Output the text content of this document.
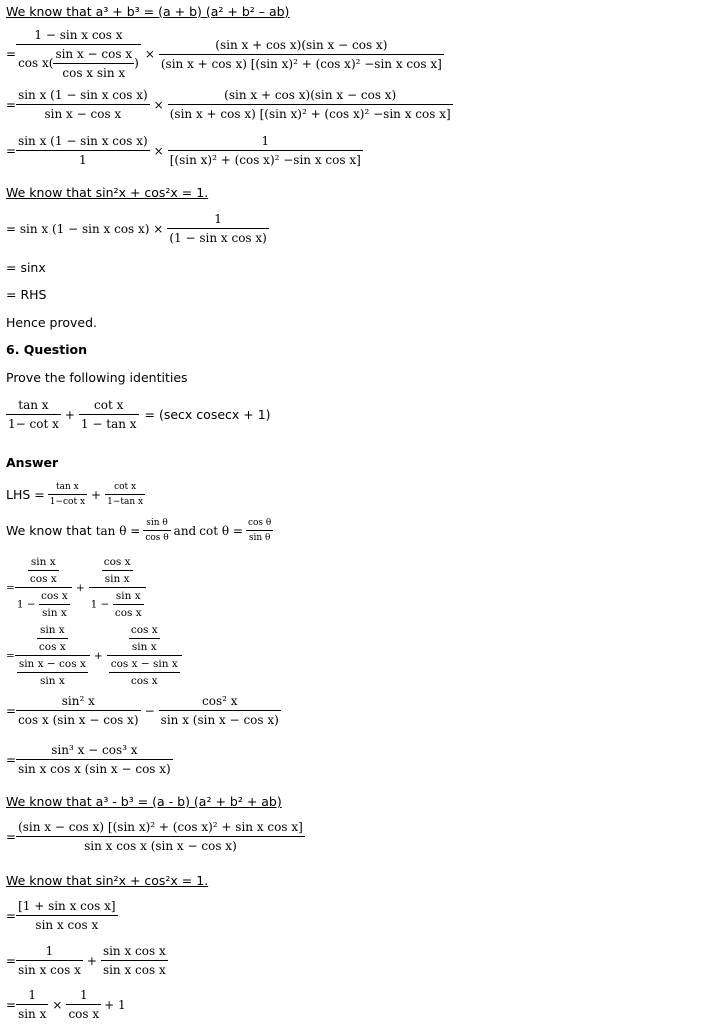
We know that a³ + b³ = (a + b) (a² + b² – ab)
= $\frac{\text{1 − sin x cos x}}{\cos x( \frac{\text{sin x − cos x}}{\text{cos x sin x}} )} \times \frac{\text{(sin x + cos x)(sin x − cos x)}}{\text{(sin x + cos x) [(sin x)² + (cos x)² −sin x cos x]}}$
= $\frac{\text{sin x (1 − sin x cos x)}}{\text{sin x − cos x}} \times \frac{\text{(sin x + cos x)(sin x − cos x)}}{\text{(sin x + cos x) [(sin x)² + (cos x)² −sin x cos x]}}$
= $\frac{\text{sin x (1 − sin x cos x)}}{1} \times \frac{1}{\text{[(sin x)² + (cos x)² −sin x cos x]}}$
We know that sin²x + cos²x = 1.
= sin x (1 − sin x $\cos x) \times \frac{1}{\text{(1 − sin x cos x)}}$
= sinx
= RHS
Hence proved.
6. Question
Prove the following identities
tan x
1− cot x
+ $\frac{\text{cot x}}{\text{1 − tan x}} = (\sec x$ cosecx + 1)
Answer
LHS = $\frac{\text{tan x}}{\text{1−cot x}} + \frac{\text{cot x}}{\text{1−tan x}}$
We know that $\tan \theta = \frac{\text{sin θ}}{\text{cos θ}}$ and $\cot \theta = \frac{\text{cos θ}}{\text{sin θ}}$
= $\frac{\frac{\text{sin x}}{\text{cos x}}}{1 - \frac{\text{cos x}}{\text{sin x}}} + \frac{\frac{\text{cos x}}{\text{sin x}}}{1 - \frac{\text{sin x}}{\text{cos x}}}$
= $\frac{\frac{\text{sin x}}{\text{cos x}}}{\frac{\text{sin x − cos x}}{\text{sin x}}} + \frac{\frac{\text{cos x}}{\text{sin x}}}{\frac{\text{cos x − sin x}}{\text{cos x}}}$
= $\frac{\text{sin² x}}{\text{cos x (sin x − cos x)}} - \frac{\text{cos² x}}{\text{sin x (sin x − cos x)}}$
= $\frac{\text{sin³ x − cos³ x}}{\text{sin x cos x (sin x − cos x)}}$
We know that a³ - b³ = (a - b) (a² + b² + ab)
= $\frac{\text{(sin x − cos x) [(sin x)² + (cos x)² + sin x cos x]}}{\text{sin x cos x (sin x − cos x)}}$
We know that sin²x + cos²x = 1.
= $\frac{\text{[1 + sin x cos x]}}{\text{sin x cos x}}$
= $\frac{1}{\text{sin x cos x}} + \frac{\text{sin x cos x}}{\text{sin x cos x}}$
= $\frac{1}{\text{sin x}} \times \frac{1}{\text{cos x}} + 1$
